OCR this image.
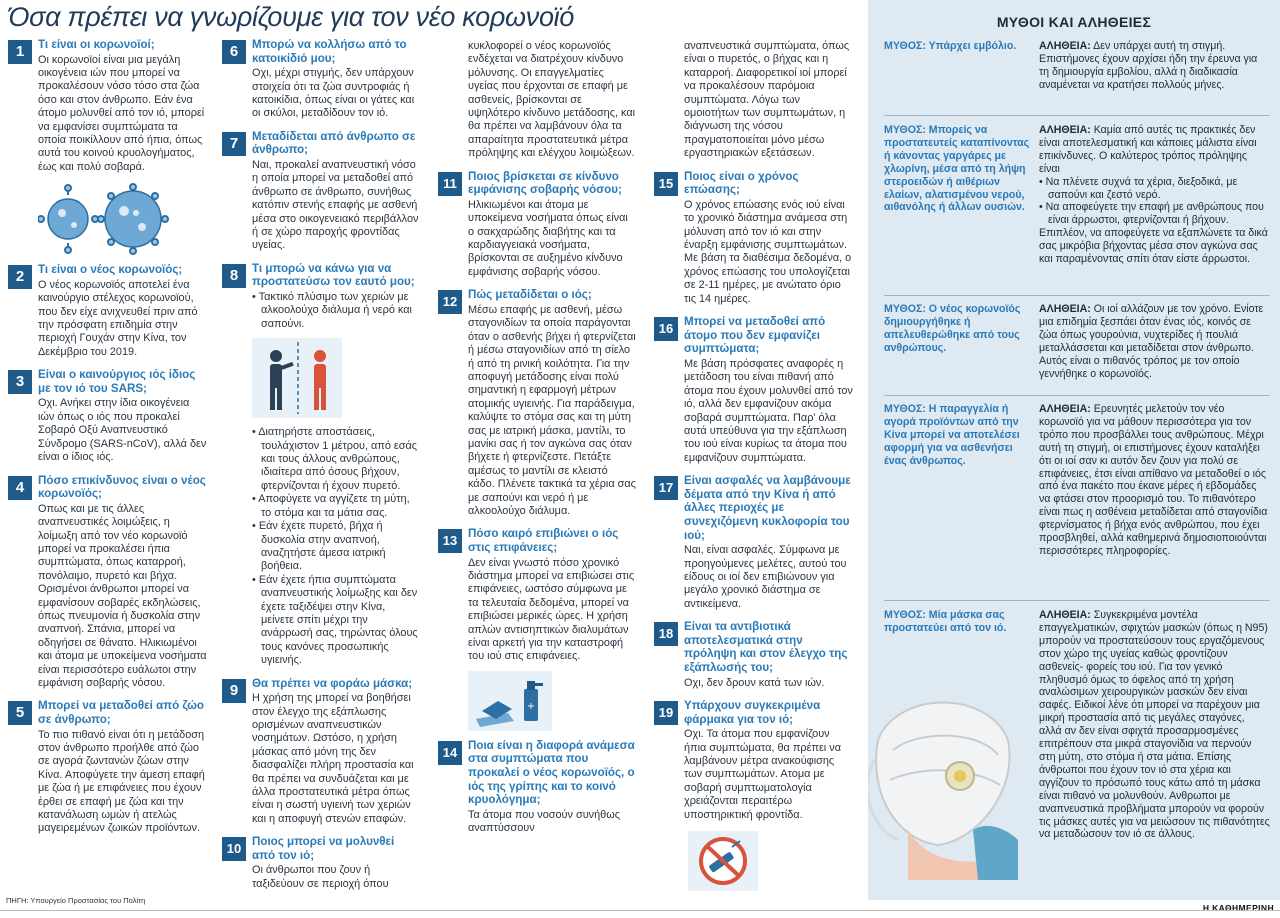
Όσα πρέπει να γνωρίζουμε για τον νέο κορωνοϊό
1	Τι είναι οι κορωνοϊοί;
Οι κορωνοϊοί είναι μια μεγάλη οικογένεια ιών που μπορεί να προκαλέσουν νόσο τόσο στα ζώα όσο και στον άνθρωπο. Εάν ένα άτομο μολυνθεί από τον ιό, μπορεί να εμφανίσει συμπτώματα τα οποία ποικίλλουν από ήπια, όπως αυτά του κοινού κρυολογήματος, έως και πολύ σοβαρά.
2	Τι είναι ο νέος κορωνοϊός;
Ο νέος κορωνοϊός αποτελεί ένα καινούργιο στέλεχος κορωνοϊού, που δεν είχε ανιχνευθεί πριν από την πρόσφατη επιδημία στην περιοχή Γουχάν στην Κίνα, τον Δεκέμβριο του 2019.
3	Είναι ο καινούργιος ιός ίδιος με τον ιό του SARS;
Οχι. Ανήκει στην ίδια οικογένεια ιών όπως ο ιός που προκαλεί Σοβαρό Οξύ Αναπνευστικό Σύνδρομο (SARS-nCoV), αλλά δεν είναι ο ίδιος ιός.
4	Πόσο επικίνδυνος είναι ο νέος κορωνοϊός;
Οπως και με τις άλλες αναπνευστικές λοιμώξεις, η λοίμωξη από τον νέο κορωνοϊό μπορεί να προκαλέσει ήπια συμπτώματα, όπως καταρροή, πονόλαιμο, πυρετό και βήχα. Ορισμένοι άνθρωποι μπορεί να εμφανίσουν σοβαρές εκδηλώσεις, όπως πνευμονία ή δυσκολία στην αναπνοή. Σπάνια, μπορεί να οδηγήσει σε θάνατο. Ηλικιωμένοι και άτομα με υποκείμενα νοσήματα είναι περισσότερο ευάλωτοι στην εμφάνιση σοβαρής νόσου.
5	Μπορεί να μεταδοθεί από ζώο σε άνθρωπο;
Το πιο πιθανό είναι ότι η μετάδοση στον άνθρωπο προήλθε από ζώο σε αγορά ζωντανών ζώων στην Κίνα. Αποφύγετε την άμεση επαφή με ζώα ή με επιφάνειες που έχουν έρθει σε επαφή με ζώα και την κατανάλωση ωμών ή ατελώς μαγειρεμένων ζωικών προϊόντων.
6	Μπορώ να κολλήσω από το κατοικίδιό μου;
Οχι, μέχρι στιγμής, δεν υπάρχουν στοιχεία ότι τα ζώα συντροφιάς ή κατοικίδια, όπως είναι οι γάτες και οι σκύλοι, μεταδίδουν τον ιό.
7	Μεταδίδεται από άνθρωπο σε άνθρωπο;
Ναι, προκαλεί αναπνευστική νόσο η οποία μπορεί να μεταδοθεί από άνθρωπο σε άνθρωπο, συνήθως κατόπιν στενής επαφής με ασθενή μέσα στο οικογενειακό περιβάλλον ή σε χώρο παροχής φροντίδας υγείας.
8	Τι μπορώ να κάνω για να προστατεύσω τον εαυτό μου;
• Τακτικό πλύσιμο των χεριών με αλκοολούχο διάλυμα ή νερό και σαπούνι.
• Διατηρήστε αποστάσεις, τουλάχιστον 1 μέτρου, από εσάς και τους άλλους ανθρώπους, ιδιαίτερα από όσους βήχουν, φτερνίζονται ή έχουν πυρετό.
• Αποφύγετε να αγγίζετε τη μύτη, το στόμα και τα μάτια σας.
• Εάν έχετε πυρετό, βήχα ή δυσκολία στην αναπνοή, αναζητήστε άμεσα ιατρική βοήθεια.
• Εάν έχετε ήπια συμπτώματα αναπνευστικής λοίμωξης και δεν έχετε ταξιδέψει στην Κίνα, μείνετε σπίτι μέχρι την ανάρρωσή σας, τηρώντας όλους τους κανόνες προσωπικής υγιεινής.
9	Θα πρέπει να φοράω μάσκα;
Η χρήση της μπορεί να βοηθήσει στον έλεγχο της εξάπλωσης ορισμένων αναπνευστικών νοσημάτων. Ωστόσο, η χρήση μάσκας από μόνη της δεν διασφαλίζει πλήρη προστασία και θα πρέπει να συνδυάζεται και με άλλα προστατευτικά μέτρα όπως είναι η σωστή υγιεινή των χεριών και η αποφυγή στενών επαφών.
10 Ποιος μπορεί να μολυνθεί από τον ιό;
Οι άνθρωποι που ζουν ή ταξιδεύουν σε περιοχή όπου
κυκλοφορεί ο νέος κορωνοϊός ενδέχεται να διατρέχουν κίνδυνο μόλυνσης. Οι επαγγελματίες υγείας που έρχονται σε επαφή με ασθενείς, βρίσκονται σε υψηλότερο κίνδυνο μετάδοσης, και θα πρέπει να λαμβάνουν όλα τα απαραίτητα προστατευτικά μέτρα πρόληψης και ελέγχου λοιμώξεων.
11 Ποιος βρίσκεται σε κίνδυνο εμφάνισης σοβαρής νόσου;
Ηλικιωμένοι και άτομα με υποκείμενα νοσήματα όπως είναι ο σακχαρώδης διαβήτης και τα καρδιαγγειακά νοσήματα, βρίσκονται σε αυξημένο κίνδυνο εμφάνισης σοβαρής νόσου.
12 Πώς μεταδίδεται ο ιός;
Μέσω επαφής με ασθενή, μέσω σταγονιδίων τα οποία παράγονται όταν ο ασθενής βήχει ή φτερνίζεται ή μέσω σταγονιδίων από τη σίελο ή από τη ρινική κοιλότητα. Για την αποφυγή μετάδοσης είναι πολύ σημαντική η εφαρμογή μέτρων ατομικής υγιεινής. Για παράδειγμα, καλύψτε το στόμα σας και τη μύτη σας με ιατρική μάσκα, μαντίλι, το μανίκι σας ή τον αγκώνα σας όταν βήχετε ή φτερνίζεστε. Πετάξτε αμέσως το μαντίλι σε κλειστό κάδο. Πλένετε τακτικά τα χέρια σας με σαπούνι και νερό ή με αλκοολούχο διάλυμα.
13 Πόσο καιρό επιβιώνει ο ιός στις επιφάνειες;
Δεν είναι γνωστό πόσο χρονικό διάστημα μπορεί να επιβιώσει στις επιφάνειες, ωστόσο σύμφωνα με τα τελευταία δεδομένα, μπορεί να επιβιώσει μερικές ώρες. Η χρήση απλών αντισηπτικών διαλυμάτων είναι αρκετή για την καταστροφή του ιού στις επιφάνειες.
+
14 Ποια είναι η διαφορά ανάμεσα στα συμπτώματα που προκαλεί ο νέος κορωνοϊός, ο ιός της γρίπης και το κοινό κρυολόγημα;
Τα άτομα που νοσούν συνήθως αναπτύσσουν
αναπνευστικά συμπτώματα, όπως είναι ο πυρετός, ο βήχας και η καταρροή. Διαφορετικοί ιοί μπορεί να προκαλέσουν παρόμοια συμπτώματα. Λόγω των ομοιοτήτων των συμπτωμάτων, η διάγνωση της νόσου πραγματοποιείται μόνο μέσω εργαστηριακών εξετάσεων.
15 Ποιος είναι ο χρόνος επώασης;
Ο χρόνος επώασης ενός ιού είναι το χρονικό διάστημα ανάμεσα στη μόλυνση από τον ιό και στην έναρξη εμφάνισης συμπτωμάτων. Με βάση τα διαθέσιμα δεδομένα, ο χρόνος επώασης του υπολογίζεται σε 2-11 ημέρες, με ανώτατο όριο τις 14 ημέρες.
16 Μπορεί να μεταδοθεί από άτομο που δεν εμφανίζει συμπτώματα;
Με βάση πρόσφατες αναφορές η μετάδοση του είναι πιθανή από άτομα που έχουν μολυνθεί από τον ιό, αλλά δεν εμφανίζουν ακόμα σοβαρά συμπτώματα. Παρ' όλα αυτά υπεύθυνα για την εξάπλωση του ιού είναι κυρίως τα άτομα που εμφανίζουν συμπτώματα.
17 Είναι ασφαλές να λαμβάνουμε δέματα από την Κίνα ή από άλλες περιοχές με συνεχιζόμενη κυκλοφορία του ιού;
Ναι, είναι ασφαλές. Σύμφωνα με προηγούμενες μελέτες, αυτού του είδους οι ιοί δεν επιβιώνουν για μεγάλο χρονικό διάστημα σε αντικείμενα.
18 Είναι τα αντιβιοτικά αποτελεσματικά στην πρόληψη και στον έλεγχο της εξάπλωσής του;
Οχι, δεν δρουν κατά των ιών.
19 Υπάρχουν συγκεκριμένα φάρμακα για τον ιό;
Οχι. Τα άτομα που εμφανίζουν ήπια συμπτώματα, θα πρέπει να λαμβάνουν μέτρα ανακούφισης των συμπτωμάτων. Ατομα με σοβαρή συμπτωματολογία χρειάζονται περαιτέρω υποστηρικτική φροντίδα.
ΜΥΘΟΙ ΚΑΙ ΑΛΗΘΕΙΕΣ
ΜΥΘΟΣ: Υπάρχει εμβόλιο.	ΑΛΗΘΕΙΑ: Δεν υπάρχει αυτή τη στιγμή. Επιστήμονες έχουν αρχίσει ήδη την έρευνα για τη δημιουργία εμβολίου, αλλά η διαδικασία αναμένεται να κρατήσει πολλούς μήνες.
ΜΥΘΟΣ: Μπορείς να προστατευτείς καταπίνοντας ή κάνοντας γαργάρες με χλωρίνη, μέσα από τη λήψη στεροειδών ή αιθέριων ελαίων, αλατισμένου νερού, αιθανόλης ή άλλων ουσιών.
ΑΛΗΘΕΙΑ: Καμία από αυτές τις πρακτικές δεν είναι αποτελεσματική και κάποιες μάλιστα είναι επικίνδυνες. Ο καλύτερος τρόπος πρόληψης είναι
• Να πλένετε συχνά τα χέρια, διεξοδικά, με σαπούνι και ζεστό νερό.
• Να αποφεύγετε την επαφή με ανθρώπους που είναι άρρωστοι, φτερνίζονται ή βήχουν.
Επιπλέον, να αποφεύγετε να εξαπλώνετε τα δικά σας μικρόβια βήχοντας μέσα στον αγκώνα σας και παραμένοντας σπίτι όταν είστε άρρωστοι.
ΜΥΘΟΣ: Ο νέος κορωνοϊός δημιουργήθηκε ή απελευθερώθηκε από τους ανθρώπους.
ΑΛΗΘΕΙΑ: Οι ιοί αλλάζουν με τον χρόνο. Ενίοτε μια επιδημία ξεσπάει όταν ένας ιός, κοινός σε ζώα όπως γουρούνια, νυχτερίδες ή πουλιά μεταλλάσσεται και μεταδίδεται στον άνθρωπο. Αυτός είναι ο πιθανός τρόπος με τον οποίο γεννήθηκε ο κορωνοϊός.
ΜΥΘΟΣ: Η παραγγελία ή αγορά προϊόντων από την Κίνα μπορεί να αποτελέσει αφορμή για να ασθενήσει ένας άνθρωπος.
ΑΛΗΘΕΙΑ: Ερευνητές μελετούν τον νέο κορωνοϊό για να μάθουν περισσότερα για τον τρόπο που προσβάλλει τους ανθρώπους. Μέχρι αυτή τη στιγμή, οι επιστήμονες έχουν καταλήξει ότι οι ιοί σαν κι αυτόν δεν ζουν για πολύ σε επιφάνειες, έτσι είναι απίθανο να μεταδοθεί ο ιός από ένα πακέτο που έκανε μέρες ή εβδομάδες να φτάσει στον προορισμό του. Το πιθανότερο είναι πως η ασθένεια μεταδίδεται από σταγονίδια φτερνίσματος ή βήχα ενός ανθρώπου, που έχει προσβληθεί, αλλά καθημερινά δημοσιοποιούνται περισσότερες πληροφορίες.
ΜΥΘΟΣ: Μία μάσκα σας προστατεύει από τον ιό.
ΑΛΗΘΕΙΑ: Συγκεκριμένα μοντέλα επαγγελματικών, σφιχτών μασκών (όπως η N95) μπορούν να προστατεύσουν τους εργαζόμενους στον χώρο της υγείας καθώς φροντίζουν ασθενείς- φορείς του ιού. Για τον γενικό πληθυσμό όμως το όφελος από τη χρήση αναλώσιμων χειρουργικών μασκών δεν είναι σαφές. Ειδικοί λένε ότι μπορεί να παρέχουν μια μικρή προστασία από τις μεγάλες σταγόνες, αλλά αν δεν είναι σφιχτά προσαρμοσμένες επιτρέπουν στα μικρά σταγονίδια να περνούν στη μύτη, στο στόμα ή στα μάτια. Επίσης άνθρωποι που έχουν τον ιό στα χέρια και αγγίζουν το πρόσωπό τους κάτω από τη μάσκα είναι πιθανό να μολυνθούν. Ανθρωποι με αναπνευστικά προβλήματα μπορούν να φορούν τις μάσκες αυτές για να μειώσουν τις πιθανότητες να μεταδώσουν τον ιό σε άλλους.
ΠΗΓΗ: Υπουργείο Προστασίας του Πολίτη
Η ΚΑΘΗΜΕΡΙΝΗ
